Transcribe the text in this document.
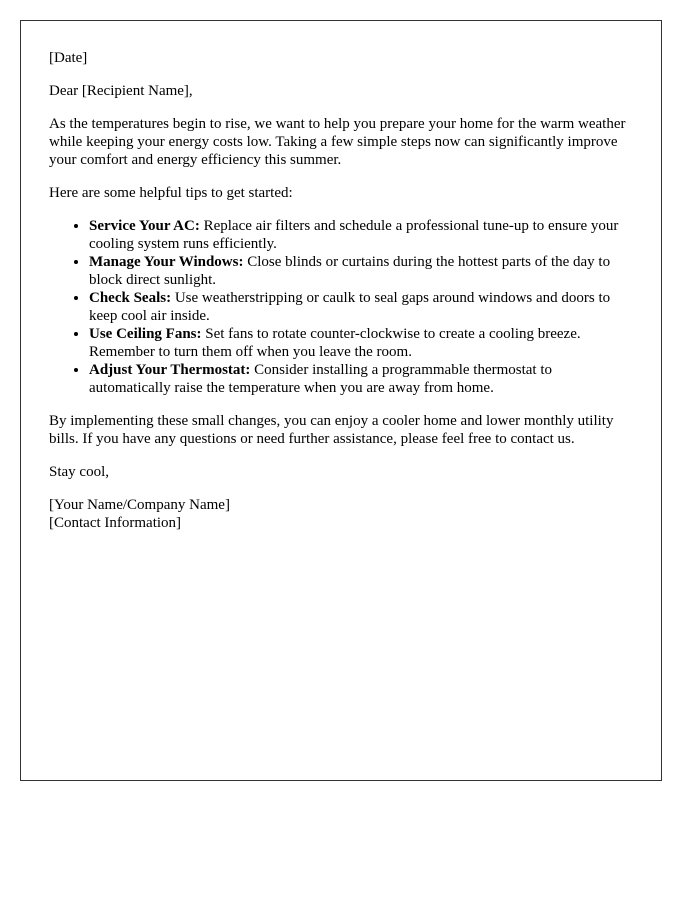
[Date]

Dear [Recipient Name],

As the temperatures begin to rise, we want to help you prepare your home for the warm weather while keeping your energy costs low. Taking a few simple steps now can significantly improve your comfort and energy efficiency this summer.

Here are some helpful tips to get started:

• Service Your AC: Replace air filters and schedule a professional tune-up to ensure your cooling system runs efficiently.
• Manage Your Windows: Close blinds or curtains during the hottest parts of the day to block direct sunlight.
• Check Seals: Use weatherstripping or caulk to seal gaps around windows and doors to keep cool air inside.
• Use Ceiling Fans: Set fans to rotate counter-clockwise to create a cooling breeze. Remember to turn them off when you leave the room.
• Adjust Your Thermostat: Consider installing a programmable thermostat to automatically raise the temperature when you are away from home.

By implementing these small changes, you can enjoy a cooler home and lower monthly utility bills. If you have any questions or need further assistance, please feel free to contact us.

Stay cool,

[Your Name/Company Name]

[Contact Information]
